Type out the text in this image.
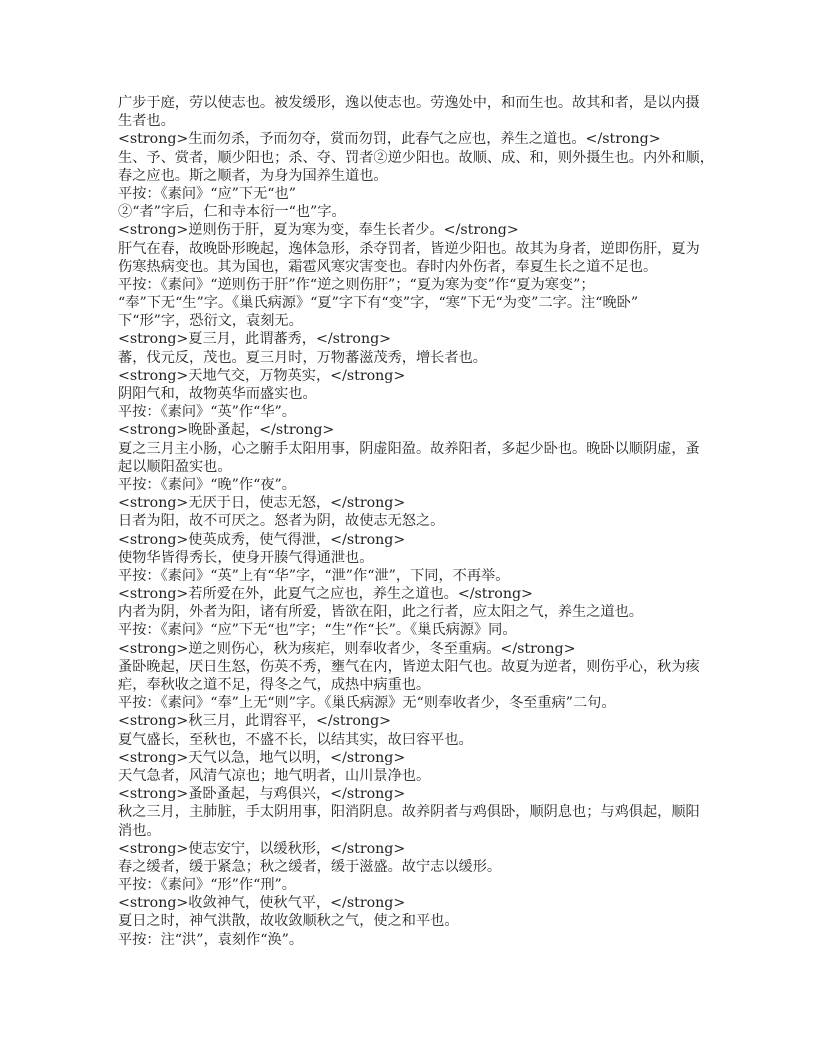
广步于庭，劳以使志也。被发缓形，逸以使志也。劳逸处中，和而生也。故其和者，是以内摄
生者也。
<strong>生而勿杀，予而勿夺，赏而勿罚，此春气之应也，养生之道也。</strong>
生、予、赏者，顺少阳也；杀、夺、罚者②逆少阳也。故顺、成、和，则外摄生也。内外和顺，
春之应也。斯之顺者，为身为国养生道也。
平按：《素问》“应”下无“也”
②“者”字后，仁和寺本衍一“也”字。
<strong>逆则伤于肝，夏为寒为变，奉生长者少。</strong>
肝气在春，故晚卧形晚起，逸体急形，杀夺罚者，皆逆少阳也。故其为身者，逆即伤肝，夏为
伤寒热病变也。其为国也，霜雹风寒灾害变也。春时内外伤者，奉夏生长之道不足也。
平按：《素问》“逆则伤于肝”作“逆之则伤肝”；“夏为寒为变”作“夏为寒变”；
“奉”下无“生”字。《巢氏病源》“夏”字下有“变”字，“寒”下无“为变”二字。注“晚卧”
下“形”字，恐衍文，袁刻无。
<strong>夏三月，此谓蕃秀，</strong>
蕃，伐元反，茂也。夏三月时，万物蕃滋茂秀，增长者也。
<strong>天地气交，万物英实，</strong>
阴阳气和，故物英华而盛实也。
平按：《素问》“英”作“华”。
<strong>晚卧蚤起，</strong>
夏之三月主小肠，心之腑手太阳用事，阴虚阳盈。故养阳者，多起少卧也。晚卧以顺阴虚，蚤
起以顺阳盈实也。
平按：《素问》“晚”作“夜”。
<strong>无厌于日，使志无怒，</strong>
日者为阳，故不可厌之。怒者为阴，故使志无怒之。
<strong>使英成秀，使气得泄，</strong>
使物华皆得秀长，使身开腠气得通泄也。
平按：《素问》“英”上有“华”字，“泄”作“泄”，下同，不再举。
<strong>若所爱在外，此夏气之应也，养生之道也。</strong>
内者为阴，外者为阳，诸有所爱，皆欲在阳，此之行者，应太阳之气，养生之道也。
平按：《素问》“应”下无“也”字；“生”作“长”。《巢氏病源》同。
<strong>逆之则伤心，秋为痎疟，则奉收者少，冬至重病。</strong>
蚤卧晚起，厌日生怒，伤英不秀，壅气在内，皆逆太阳气也。故夏为逆者，则伤乎心，秋为痎
疟，奉秋收之道不足，得冬之气，成热中病重也。
平按：《素问》“奉”上无“则”字。《巢氏病源》无“则奉收者少，冬至重病”二句。
<strong>秋三月，此谓容平，</strong>
夏气盛长，至秋也，不盛不长，以结其实，故曰容平也。
<strong>天气以急，地气以明，</strong>
天气急者，风清气凉也；地气明者，山川景净也。
<strong>蚤卧蚤起，与鸡俱兴，</strong>
秋之三月，主肺脏，手太阴用事，阳消阴息。故养阴者与鸡俱卧，顺阴息也；与鸡俱起，顺阳
消也。
<strong>使志安宁，以缓秋形，</strong>
春之缓者，缓于紧急；秋之缓者，缓于滋盛。故宁志以缓形。
平按：《素问》“形”作“刑”。
<strong>收敛神气，使秋气平，</strong>
夏日之时，神气洪散，故收敛顺秋之气，使之和平也。
平按：注“洪”，袁刻作“涣”。
